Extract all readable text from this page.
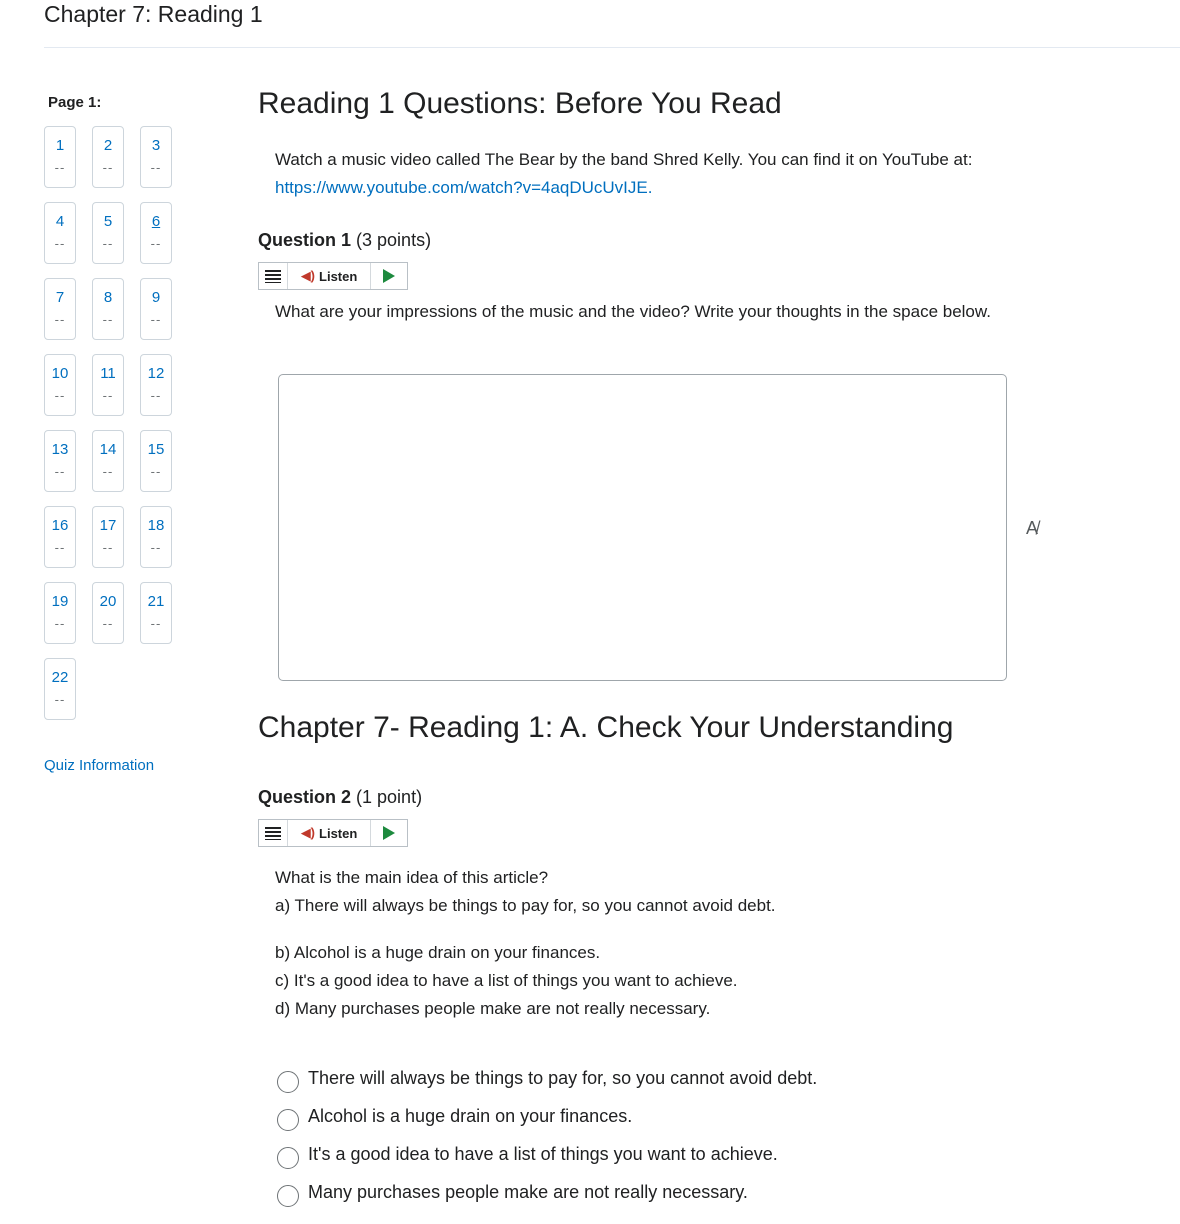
Chapter 7: Reading 1
Page 1:
1
--
2
--
3
--
4
--
5
--
6
--
7
--
8
--
9
--
10
--
11
--
12
--
13
--
14
--
15
--
16
--
17
--
18
--
19
--
20
--
21
--
22
--
Quiz Information
Reading 1 Questions: Before You Read

Watch a music video called The Bear by the band Shred Kelly. You can find it on YouTube at: https://www.youtube.com/watch?v=4aqDUcUvIJE.

Question 1 (3 points)
◀) Listen

What are your impressions of the music and the video? Write your thoughts in the space below.

A̸
Chapter 7- Reading 1: A. Check Your Understanding
Question 2 (1 point)
◀) Listen

What is the main idea of this article?

a) There will always be things to pay for, so you cannot avoid debt.

b) Alcohol is a huge drain on your finances.

c) It's a good idea to have a list of things you want to achieve.

d) Many purchases people make are not really necessary.

There will always be things to pay for, so you cannot avoid debt.
Alcohol is a huge drain on your finances.
It's a good idea to have a list of things you want to achieve.
Many purchases people make are not really necessary.
